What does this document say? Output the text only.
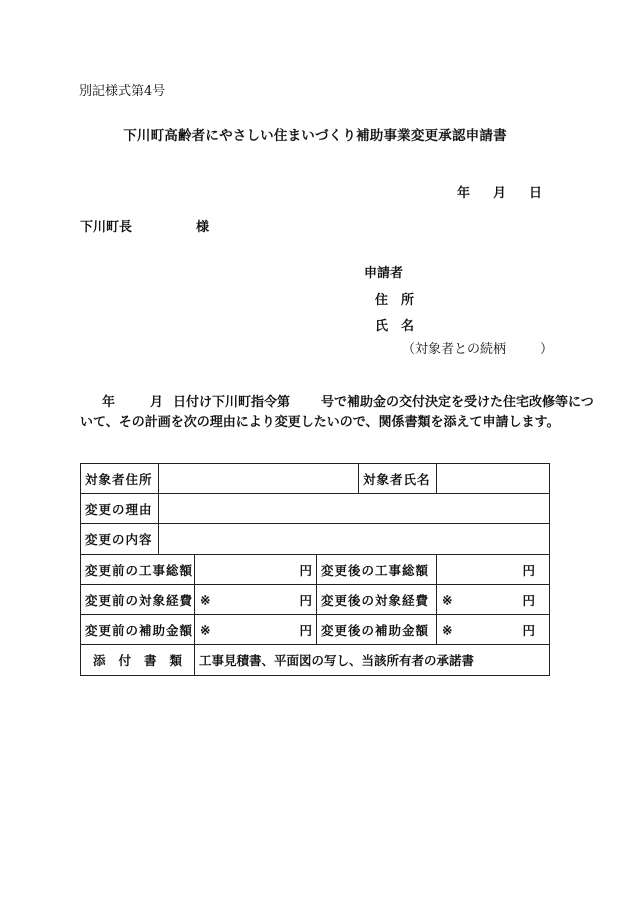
別記様式第4号
下川町高齢者にやさしい住まいづくり補助事業変更承認申請書
年 月 日
下川町長	様
申請者
住　所
氏　名
（対象者との続柄	）
年	月 日付け下川町指令第 号で補助金の交付決定を受けた住宅改修等につ
いて、その計画を次の理由により変更したいので、関係書類を添えて申請します。
対象者住所				対象者氏名	
変更の理由					
変更の内容					
変更前の工事総額		円	変更後の工事総額		円

変更前の対象経費		※ 円	変更後の対象経費		※ 円

変更前の補助金額		※ 円	変更後の補助金額		※ 円

添 付 書 類		工事見積書、平面図の写し、当該所有者の承諾書			
